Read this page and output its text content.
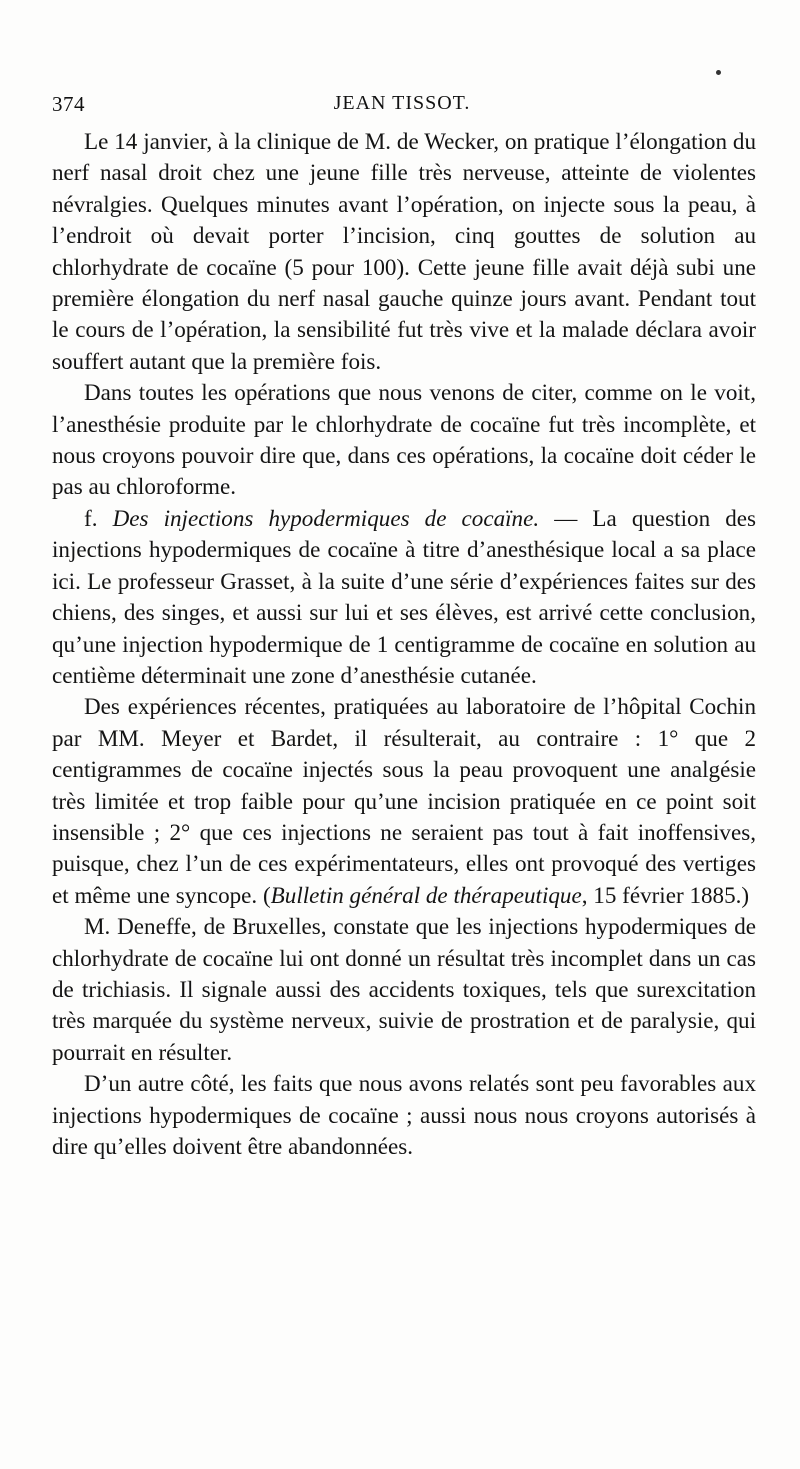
374	JEAN TISSOT.

Le 14 janvier, à la clinique de M. de Wecker, on pratique l’élongation du nerf nasal droit chez une jeune fille très nerveuse, atteinte de violentes névralgies. Quelques minutes avant l’opération, on injecte sous la peau, à l’endroit où devait porter l’incision, cinq gouttes de solution au chlorhydrate de cocaïne (5 pour 100). Cette jeune fille avait déjà subi une première élongation du nerf nasal gauche quinze jours avant. Pendant tout le cours de l’opération, la sensibilité fut très vive et la malade déclara avoir souffert autant que la première fois.

Dans toutes les opérations que nous venons de citer, comme on le voit, l’anesthésie produite par le chlorhydrate de cocaïne fut très incomplète, et nous croyons pouvoir dire que, dans ces opérations, la cocaïne doit céder le pas au chloroforme.

f. Des injections hypodermiques de cocaïne. — La question des injections hypodermiques de cocaïne à titre d’anesthésique local a sa place ici. Le professeur Grasset, à la suite d’une série d’expériences faites sur des chiens, des singes, et aussi sur lui et ses élèves, est arrivé cette conclusion, qu’une injection hypodermique de 1 centigramme de cocaïne en solution au centième déterminait une zone d’anesthésie cutanée.

Des expériences récentes, pratiquées au laboratoire de l’hôpital Cochin par MM. Meyer et Bardet, il résulterait, au contraire : 1° que 2 centigrammes de cocaïne injectés sous la peau provoquent une analgésie très limitée et trop faible pour qu’une incision pratiquée en ce point soit insensible ; 2° que ces injections ne seraient pas tout à fait inoffensives, puisque, chez l’un de ces expérimentateurs, elles ont provoqué des vertiges et même une syncope. (Bulletin général de thérapeutique, 15 février 1885.)

M. Deneffe, de Bruxelles, constate que les injections hypodermiques de chlorhydrate de cocaïne lui ont donné un résultat très incomplet dans un cas de trichiasis. Il signale aussi des accidents toxiques, tels que surexcitation très marquée du système nerveux, suivie de prostration et de paralysie, qui pourrait en résulter.

D’un autre côté, les faits que nous avons relatés sont peu favorables aux injections hypodermiques de cocaïne ; aussi nous nous croyons autorisés à dire qu’elles doivent être abandonnées.
